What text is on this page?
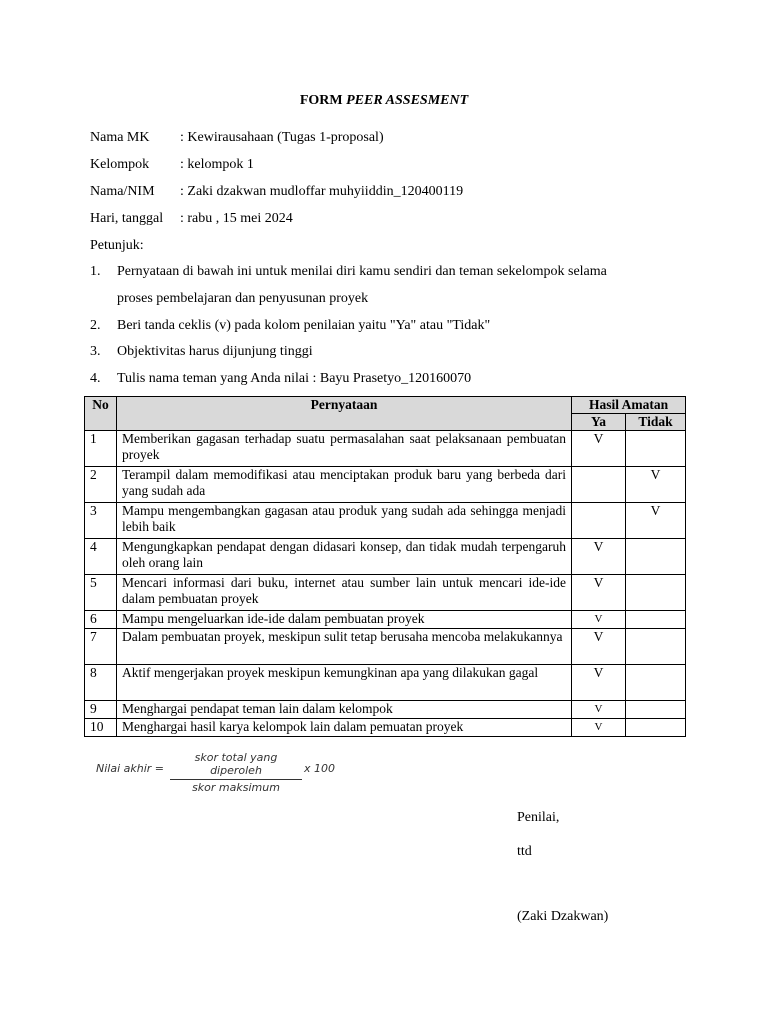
FORM PEER ASSESMENT
Nama MK : Kewirausahaan (Tugas 1-proposal)
Kelompok : kelompok 1
Nama/NIM : Zaki dzakwan mudloffar muhyiiddin_120400119
Hari, tanggal : rabu , 15 mei 2024
Petunjuk:
1. Pernyataan di bawah ini untuk menilai diri kamu sendiri dan teman sekelompok selama
proses pembelajaran dan penyusunan proyek
2. Beri tanda ceklis (v) pada kolom penilaian yaitu "Ya" atau "Tidak"
3. Objektivitas harus dijunjung tinggi
4. Tulis nama teman yang Anda nilai : Bayu Prasetyo_120160070
No	Pernyataan	Hasil Amatan	
		Ya	Tidak
1	Memberikan gagasan terhadap suatu permasalahan saat pelaksanaan pembuatan proyek	V	
2	Terampil dalam memodifikasi atau menciptakan produk baru yang berbeda dari yang sudah ada		V
3	Mampu mengembangkan gagasan atau produk yang sudah ada sehingga menjadi lebih baik		V
4	Mengungkapkan pendapat dengan didasari konsep, dan tidak mudah terpengaruh oleh orang lain	V	
5	Mencari informasi dari buku, internet atau sumber lain untuk mencari ide-ide dalam pembuatan proyek	V	
6	Mampu mengeluarkan ide-ide dalam pembuatan proyek	V	
7	Dalam pembuatan proyek, meskipun sulit tetap berusaha mencoba melakukannya	V	
8	Aktif mengerjakan proyek meskipun kemungkinan apa yang dilakukan gagal	V	
9	Menghargai pendapat teman lain dalam kelompok	V	
10	Menghargai hasil karya kelompok lain dalam pemuatan proyek	V	
Nilai akhir =
skor total yang diperoleh
skor maksimum
x 100
Penilai,
ttd
(Zaki Dzakwan)
